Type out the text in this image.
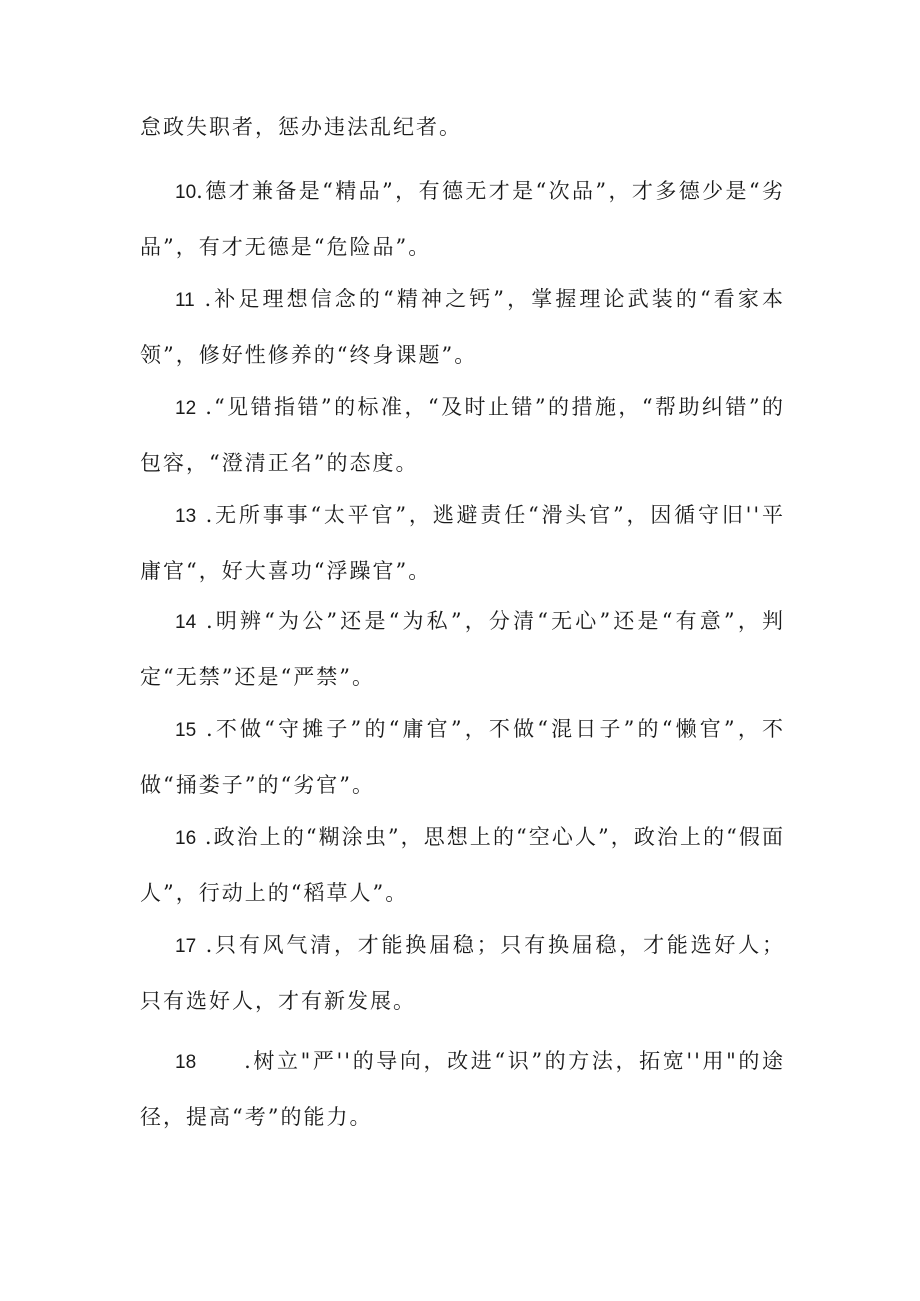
怠政失职者，惩办违法乱纪者。
10.德才兼备是“精品”，有德无才是“次品”，才多德少是“劣品”，有才无德是“危险品”。
11 .补足理想信念的“精神之钙”，掌握理论武装的“看家本领”，修好性修养的“终身课题”。
12 .“见错指错”的标准，“及时止错”的措施，“帮助纠错”的包容，“澄清正名”的态度。
13 .无所事事“太平官”，逃避责任“滑头官”，因循守旧''平庸官“，好大喜功“浮躁官”。
14 .明辨“为公”还是“为私”，分清“无心”还是“有意”，判定“无禁”还是“严禁”。
15 .不做“守摊子”的“庸官”，不做“混日子”的“懒官”，不做“捅娄子”的“劣官”。
16 .政治上的“糊涂虫”，思想上的“空心人”，政治上的“假面人”，行动上的“稻草人”。
17 .只有风气清，才能换届稳；只有换届稳，才能选好人；只有选好人，才有新发展。
18 .树立"严''的导向，改进“识”的方法，拓宽''用"的途径，提高“考”的能力。
